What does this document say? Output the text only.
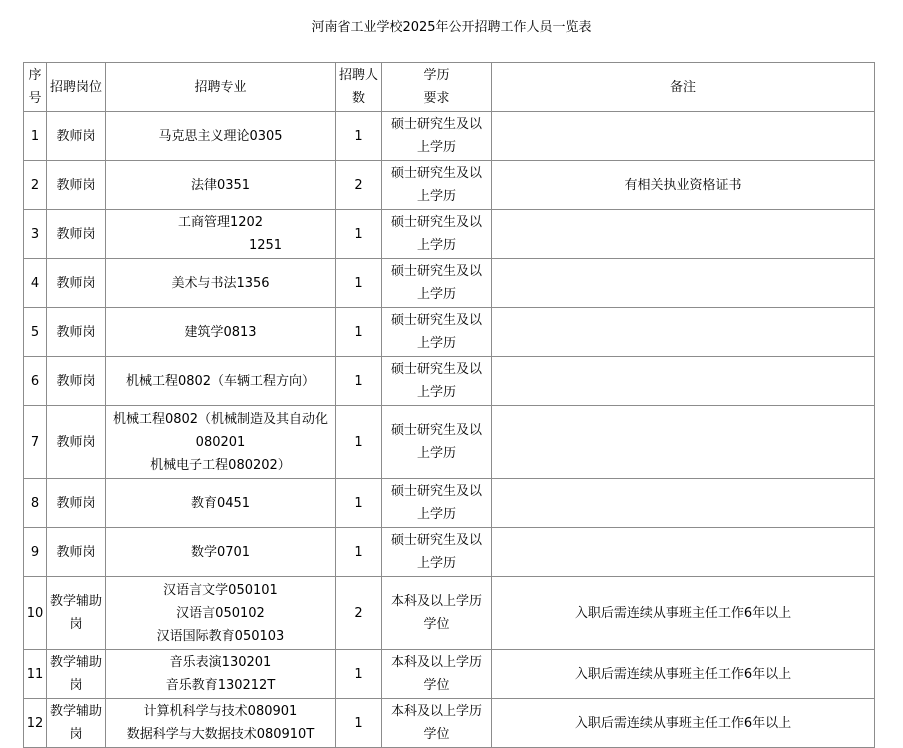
河南省工业学校2025年公开招聘工作人员一览表
序
号	招聘岗位	招聘专业	招聘人
数	学历
要求	备注
1	教师岗	马克思主义理论0305	1	硕士研究生及以
上学历	

2	教师岗	法律0351	2	硕士研究生及以
上学历	有相关执业资格证书
3	教师岗	工商管理1202
1251	1	硕士研究生及以
上学历	

4	教师岗	美术与书法1356	1	硕士研究生及以
上学历	

5	教师岗	建筑学0813	1	硕士研究生及以
上学历	

6	教师岗	机械工程0802（车辆工程方向）	1	硕士研究生及以
上学历	

7	教师岗	机械工程0802（机械制造及其自动化
080201
机械电子工程080202）	1	硕士研究生及以
上学历	

8	教师岗	教育0451	1	硕士研究生及以
上学历	

9	教师岗	数学0701	1	硕士研究生及以
上学历	

10	教学辅助
岗	汉语言文学050101
汉语言050102
汉语国际教育050103	2	本科及以上学历
学位	入职后需连续从事班主任工作6年以上
11	教学辅助
岗	音乐表演130201
音乐教育130212T	1	本科及以上学历
学位	入职后需连续从事班主任工作6年以上
12	教学辅助
岗	计算机科学与技术080901
数据科学与大数据技术080910T	1	本科及以上学历
学位	入职后需连续从事班主任工作6年以上
